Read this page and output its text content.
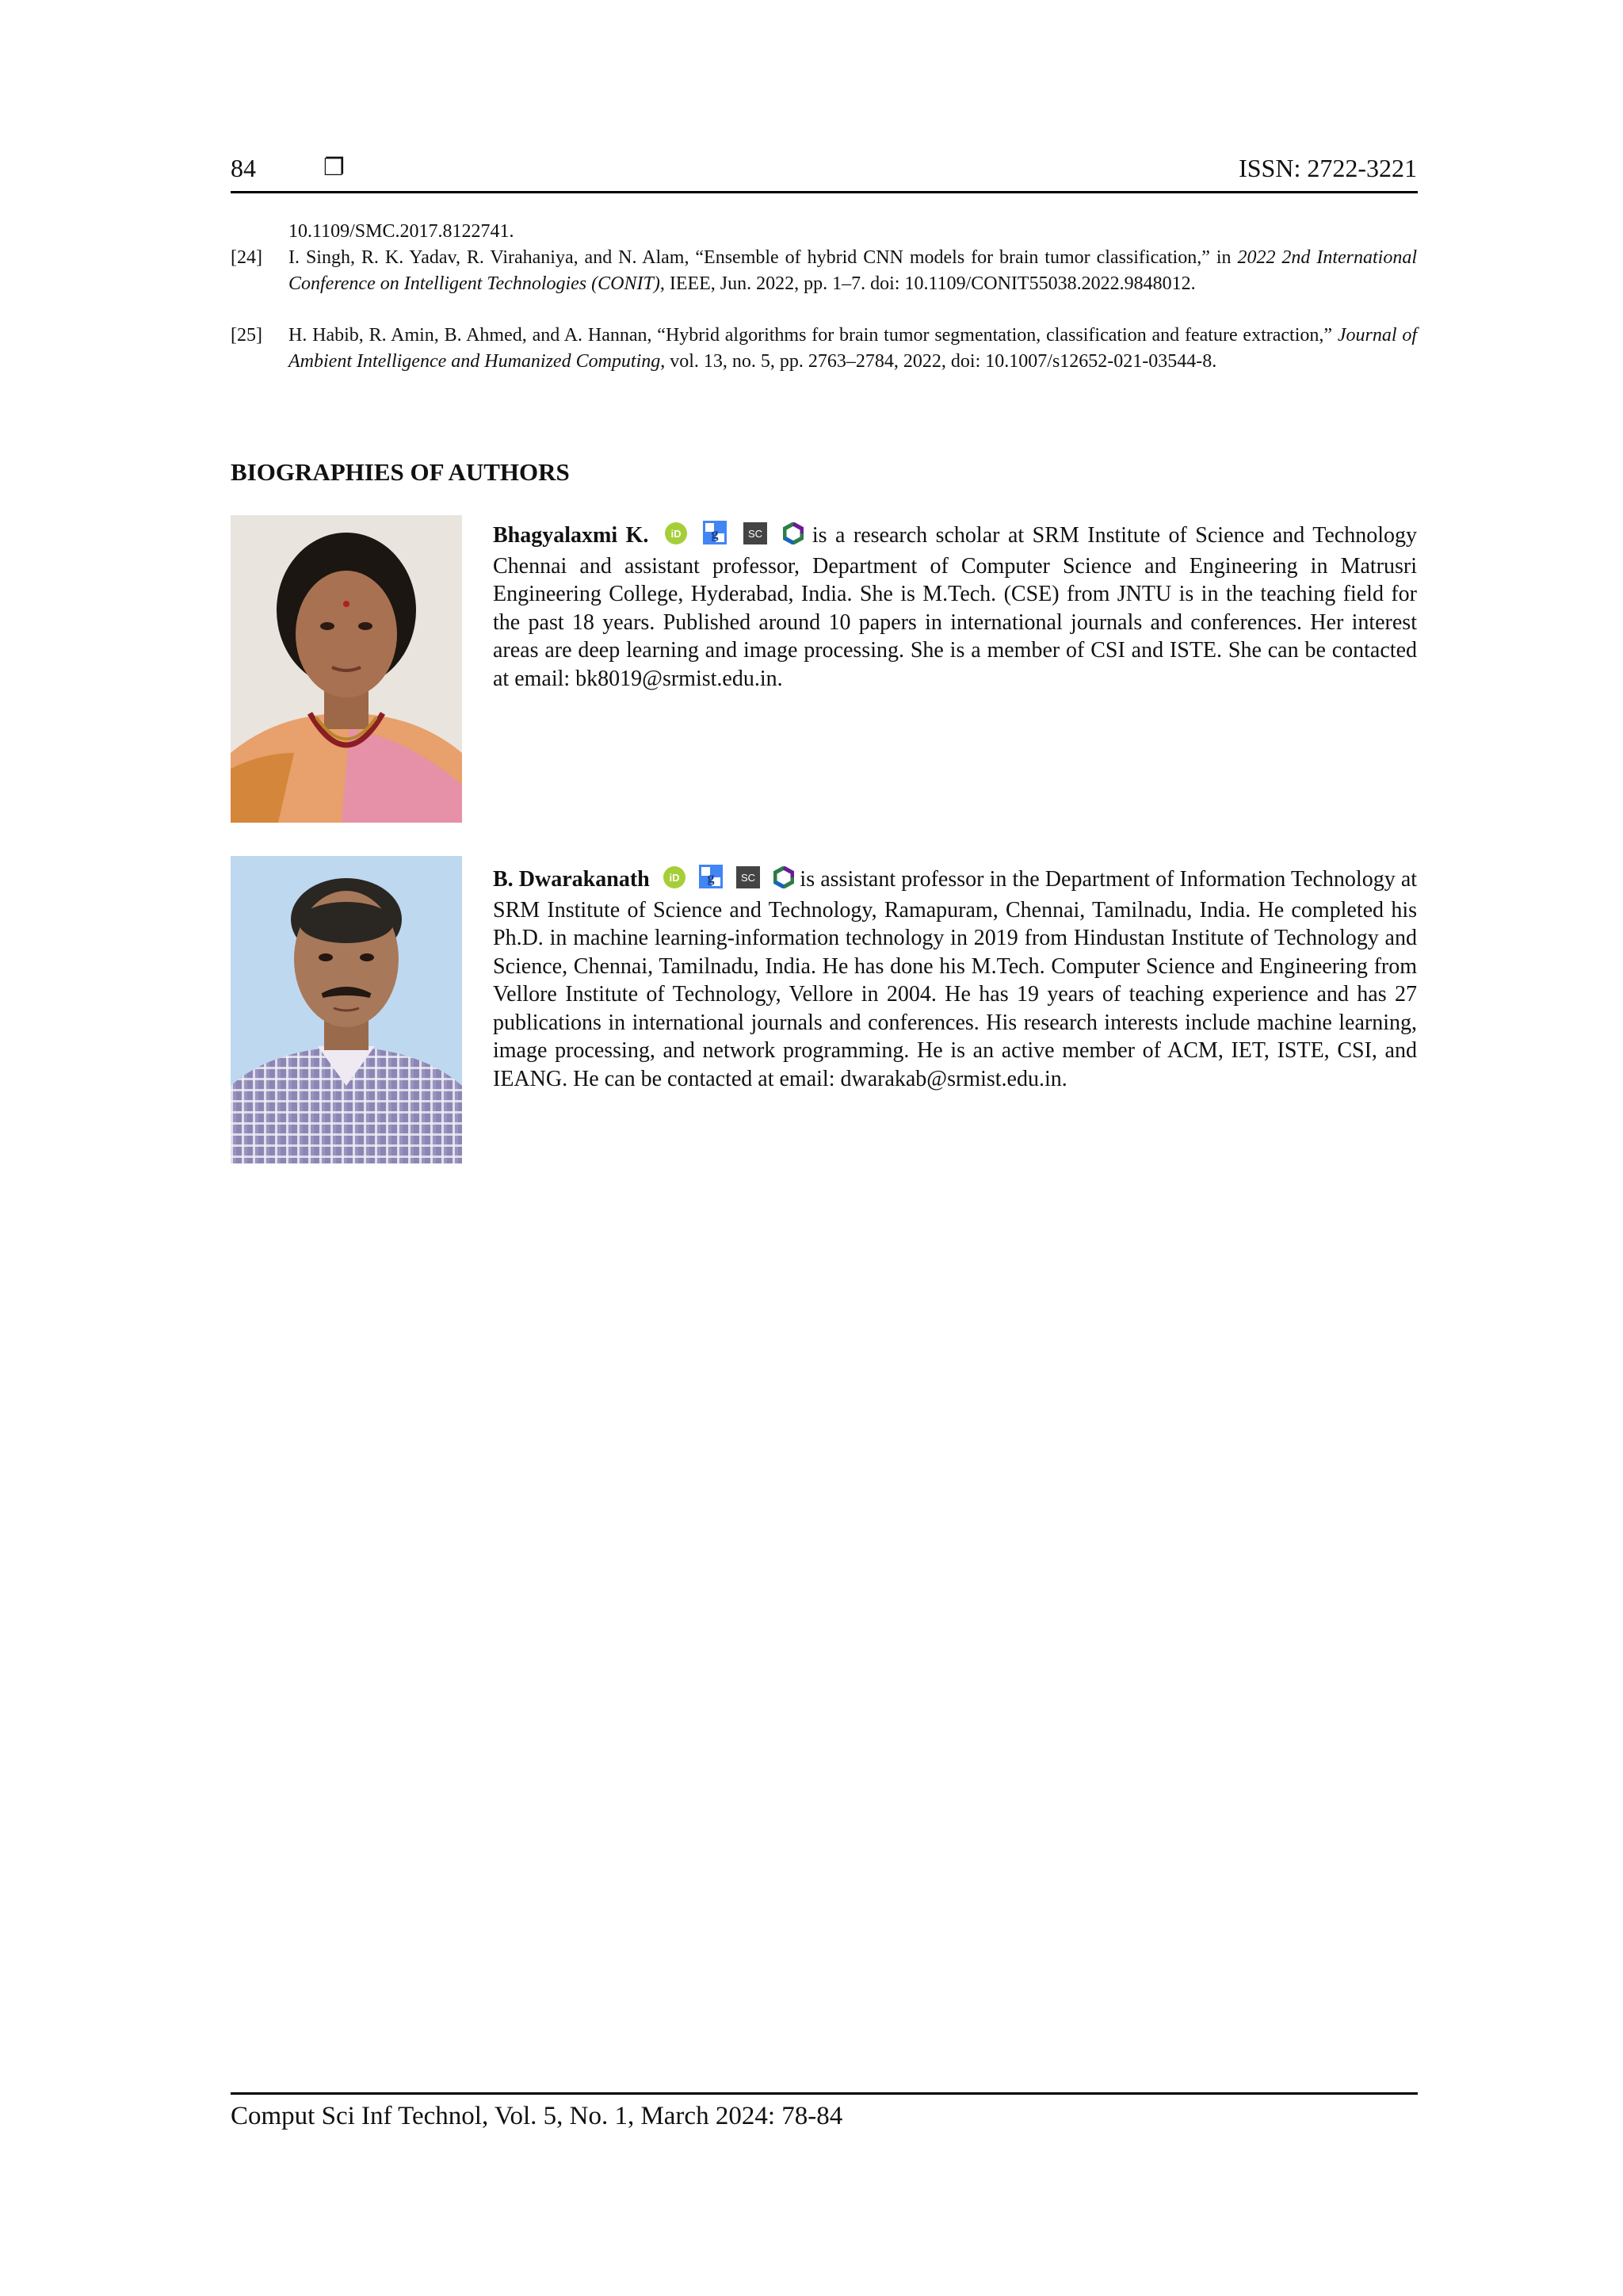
84	❐	ISSN: 2722-3221
10.1109/SMC.2017.8122741.
[24] I. Singh, R. K. Yadav, R. Virahaniya, and N. Alam, “Ensemble of hybrid CNN models for brain tumor classification,” in 2022 2nd International Conference on Intelligent Technologies (CONIT), IEEE, Jun. 2022, pp. 1–7. doi: 10.1109/CONIT55038.2022.9848012.
[25] H. Habib, R. Amin, B. Ahmed, and A. Hannan, “Hybrid algorithms for brain tumor segmentation, classification and feature extraction,” Journal of Ambient Intelligence and Humanized Computing, vol. 13, no. 5, pp. 2763–2784, 2022, doi: 10.1007/s12652-021-03544-8.
BIOGRAPHIES OF AUTHORS
Bhagyalaxmi K. iD
g
	SC is a research scholar at SRM Institute of Science and Technology Chennai and assistant professor, Department of Computer Science and Engineering in Matrusri Engineering College, Hyderabad, India. She is M.Tech. (CSE) from JNTU is in the teaching field for the past 18 years. Published around 10 papers in international journals and conferences. Her interest areas are deep learning and image processing. She is a member of CSI and ISTE. She can be contacted at email: bk8019@srmist.edu.in.
B. Dwarakanath iD
g
	SC is assistant professor in the Department of Information Technology at SRM Institute of Science and Technology, Ramapuram, Chennai, Tamilnadu, India. He completed his Ph.D. in machine learning-information technology in 2019 from Hindustan Institute of Technology and Science, Chennai, Tamilnadu, India. He has done his M.Tech. Computer Science and Engineering from Vellore Institute of Technology, Vellore in 2004. He has 19 years of teaching experience and has 27 publications in international journals and conferences. His research interests include machine learning, image processing, and network programming. He is an active member of ACM, IET, ISTE, CSI, and IEANG. He can be contacted at email: dwarakab@srmist.edu.in.
Comput Sci Inf Technol, Vol. 5, No. 1, March 2024: 78-84
